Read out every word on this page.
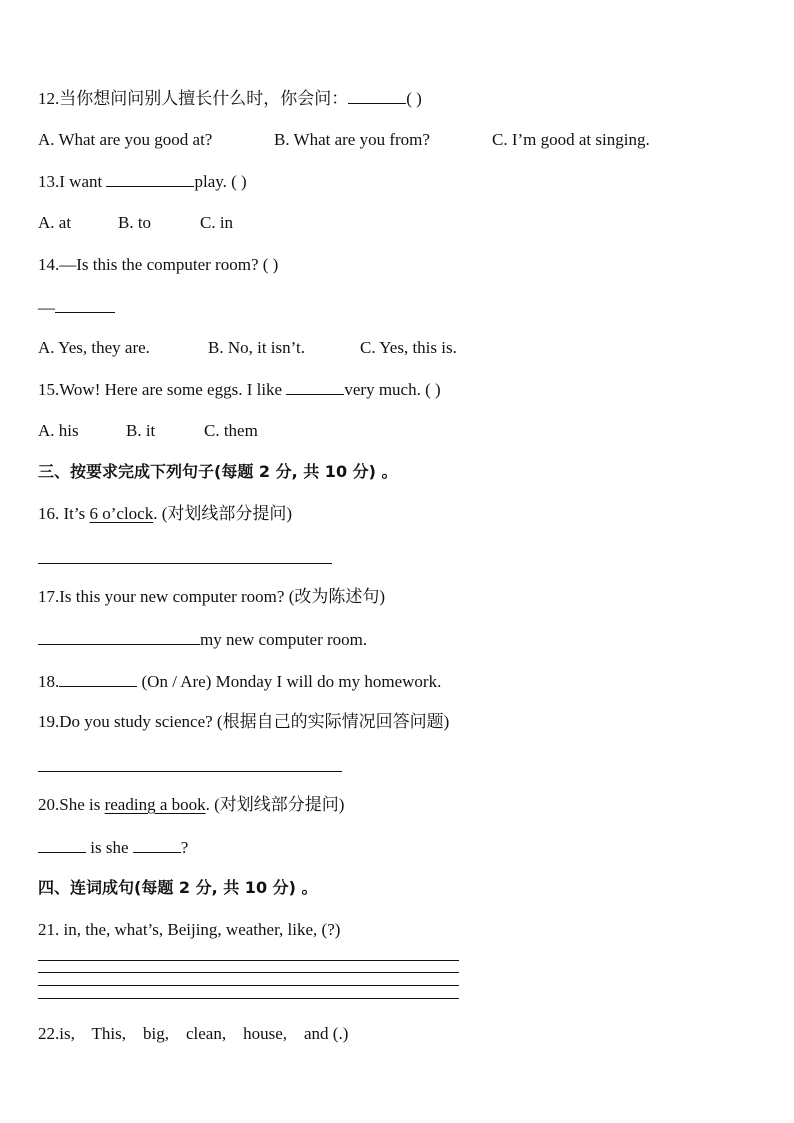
12.当你想问问别人擅长什么时，你会问：	( )
A. What are you good at?	B. What are you from?	C. I’m good at singing.
13.I want	play. ( )
A. at	B. to	C. in
14.—Is this the computer room? ( )
—
A. Yes, they are.	B. No, it isn’t.	C. Yes, this is.
15.Wow! Here are some eggs. I like	very much. ( )
A. his	B. it	C. them
三、按要求完成下列句子(每题 2 分, 共 10 分) 。
16. It’s 6 o’clock. (对划线部分提问)
17.Is this your new computer room? (改为陈述句)
my new computer room.
18.	(On / Are) Monday I will do my homework.
19.Do you study science? (根据自己的实际情况回答问题)
20.She is reading a book. (对划线部分提问)
is she	?
四、连词成句(每题 2 分, 共 10 分) 。
21. in, the, what’s, Beijing, weather, like, (?)
22.is,    This,    big,    clean,    house,    and (.)
